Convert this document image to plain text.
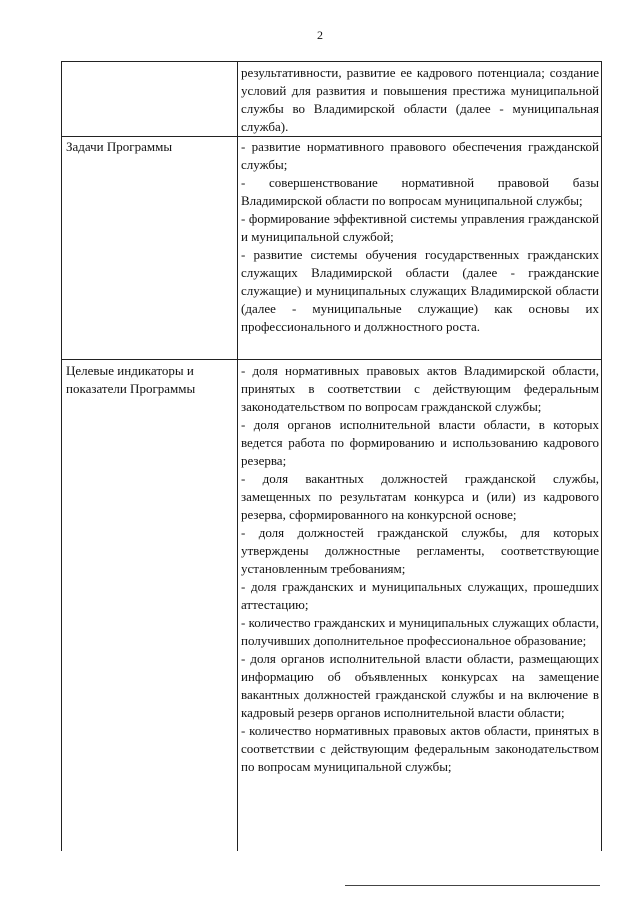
2

результативности, развитие ее кадрового потенциала; создание условий для развития и повышения престижа муниципальной службы во Владимирской области (далее - муниципальная служба).

Задачи Программы	- развитие нормативного правового обеспечения гражданской службы;

- совершенствование нормативной правовой базы Владимирской области по вопросам муниципальной службы;

- формирование эффективной системы управления гражданской и муниципальной службой;

- развитие системы обучения государственных гражданских служащих Владимирской области (далее - гражданские служащие) и муниципальных служащих Владимирской области (далее - муниципальные служащие) как основы их профессионального и должностного роста.

Целевые индикаторы и показатели Программы

- доля нормативных правовых актов Владимирской области, принятых в соответствии с действующим федеральным законодательством по вопросам гражданской службы;

- доля органов исполнительной власти области, в которых ведется работа по формированию и использованию кадрового резерва;

- доля вакантных должностей гражданской службы, замещенных по результатам конкурса и (или) из кадрового резерва, сформированного на конкурсной основе;

- доля должностей гражданской службы, для которых утверждены должностные регламенты, соответствующие установленным требованиям;

- доля гражданских и муниципальных служащих, прошедших аттестацию;

- количество гражданских и муниципальных служащих области, получивших дополнительное профессиональное образование;

- доля органов исполнительной власти области, размещающих информацию об объявленных конкурсах на замещение вакантных должностей гражданской службы и на включение в кадровый резерв органов исполнительной власти области;

- количество нормативных правовых актов области, принятых в соответствии с действующим федеральным законодательством по вопросам муниципальной службы;
